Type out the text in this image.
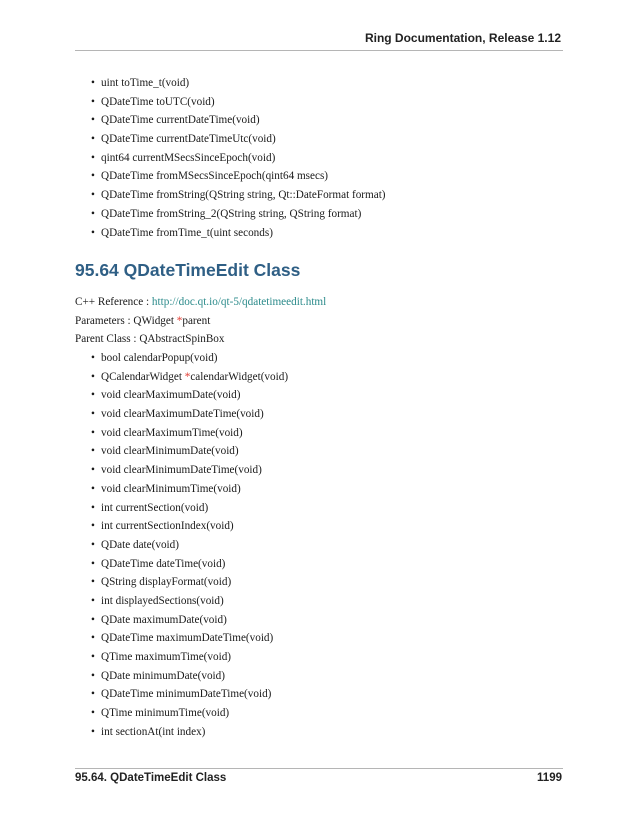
Ring Documentation, Release 1.12
• uint toTime_t(void)
• QDateTime toUTC(void)
• QDateTime currentDateTime(void)
• QDateTime currentDateTimeUtc(void)
• qint64 currentMSecsSinceEpoch(void)
• QDateTime fromMSecsSinceEpoch(qint64 msecs)
• QDateTime fromString(QString string, Qt::DateFormat format)
• QDateTime fromString_2(QString string, QString format)
• QDateTime fromTime_t(uint seconds)
95.64 QDateTimeEdit Class

C++ Reference : http://doc.qt.io/qt-5/qdatetimeedit.html

Parameters : QWidget *parent

Parent Class : QAbstractSpinBox

• bool calendarPopup(void)
• QCalendarWidget *calendarWidget(void)
• void clearMaximumDate(void)
• void clearMaximumDateTime(void)
• void clearMaximumTime(void)
• void clearMinimumDate(void)
• void clearMinimumDateTime(void)
• void clearMinimumTime(void)
• int currentSection(void)
• int currentSectionIndex(void)
• QDate date(void)
• QDateTime dateTime(void)
• QString displayFormat(void)
• int displayedSections(void)
• QDate maximumDate(void)
• QDateTime maximumDateTime(void)
• QTime maximumTime(void)
• QDate minimumDate(void)
• QDateTime minimumDateTime(void)
• QTime minimumTime(void)
• int sectionAt(int index)
95.64. QDateTimeEdit Class	1199
